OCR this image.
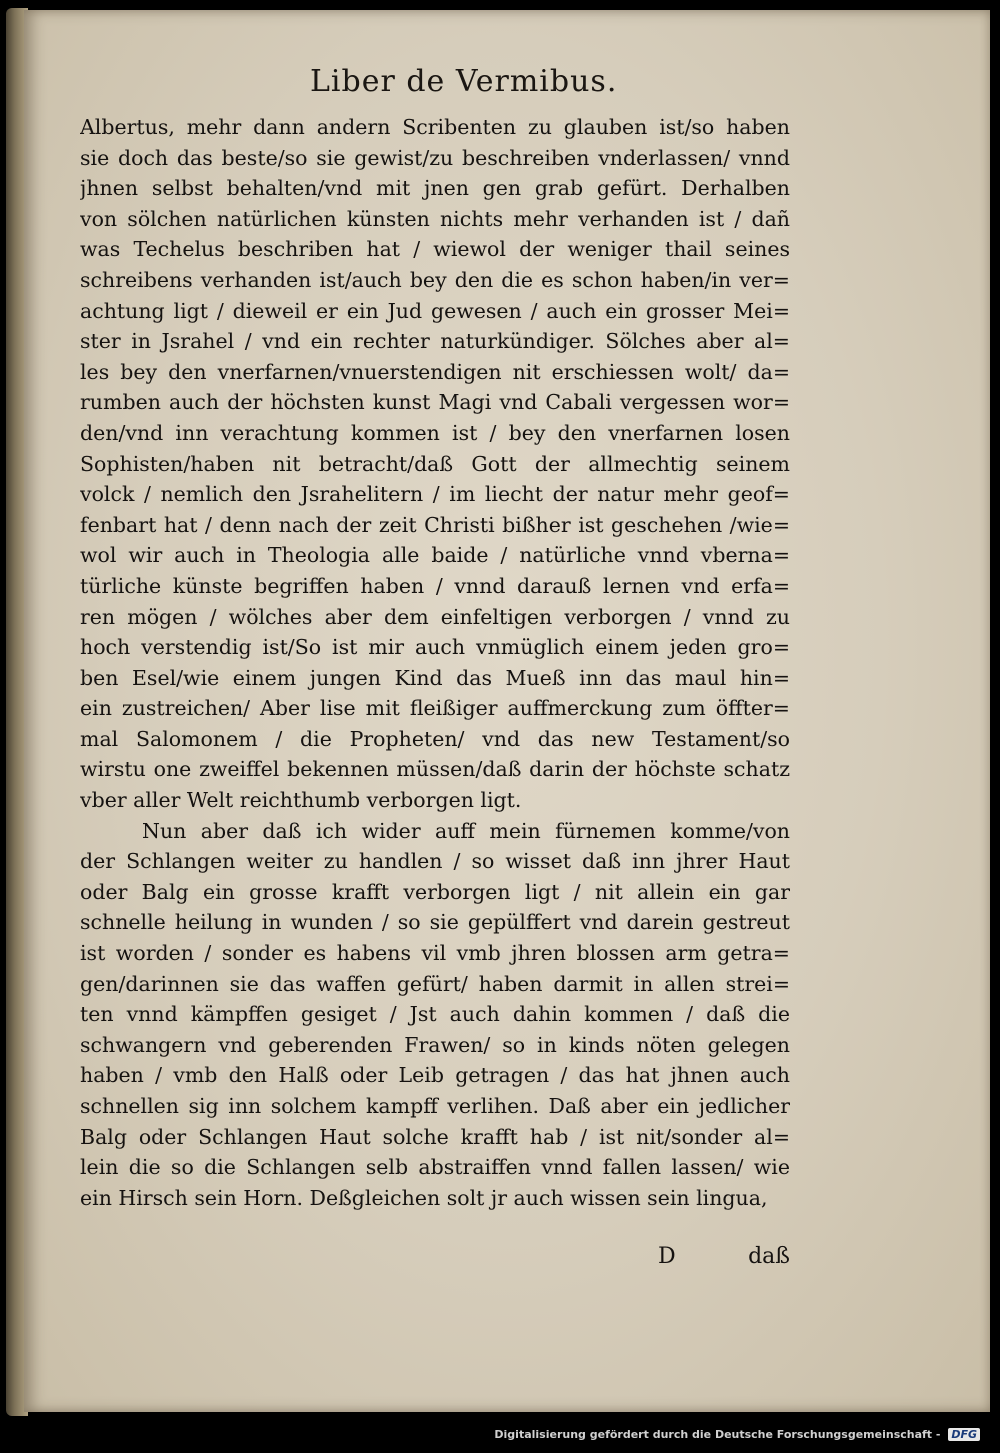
Liber de Vermibus.
Albertus, mehr dann andern Scribenten zu glauben ist/so haben
sie doch das beste/so sie gewist/zu beschreiben vnderlassen/ vnnd
jhnen selbst behalten/vnd mit jnen gen grab gefürt. Derhalben
von sölchen natürlichen künsten nichts mehr verhanden ist / dañ
was Techelus beschriben hat / wiewol der weniger thail seines
schreibens verhanden ist/auch bey den die es schon haben/in ver=
achtung ligt / dieweil er ein Jud gewesen / auch ein grosser Mei=
ster in Jsrahel / vnd ein rechter naturkündiger. Sölches aber al=
les bey den vnerfarnen/vnuerstendigen nit erschiessen wolt/ da=
rumben auch der höchsten kunst Magi vnd Cabali vergessen wor=
den/vnd inn verachtung kommen ist / bey den vnerfarnen losen
Sophisten/haben nit betracht/daß Gott der allmechtig seinem
volck / nemlich den Jsrahelitern / im liecht der natur mehr geof=
fenbart hat / denn nach der zeit Christi bißher ist geschehen /wie=
wol wir auch in Theologia alle baide / natürliche vnnd vberna=
türliche künste begriffen haben / vnnd darauß lernen vnd erfa=
ren mögen / wölches aber dem einfeltigen verborgen / vnnd zu
hoch verstendig ist/So ist mir auch vnmüglich einem jeden gro=
ben Esel/wie einem jungen Kind das Mueß inn das maul hin=
ein zustreichen/ Aber lise mit fleißiger auffmerckung zum öffter=
mal Salomonem / die Propheten/ vnd das new Testament/so
wirstu one zweiffel bekennen müssen/daß darin der höchste schatz
vber aller Welt reichthumb verborgen ligt.
Nun aber daß ich wider auff mein fürnemen komme/von
der Schlangen weiter zu handlen / so wisset daß inn jhrer Haut
oder Balg ein grosse krafft verborgen ligt / nit allein ein gar
schnelle heilung in wunden / so sie gepülffert vnd darein gestreut
ist worden / sonder es habens vil vmb jhren blossen arm getra=
gen/darinnen sie das waffen gefürt/ haben darmit in allen strei=
ten vnnd kämpffen gesiget / Jst auch dahin kommen / daß die
schwangern vnd geberenden Frawen/ so in kinds nöten gelegen
haben / vmb den Halß oder Leib getragen / das hat jhnen auch
schnellen sig inn solchem kampff verlihen. Daß aber ein jedlicher
Balg oder Schlangen Haut solche krafft hab / ist nit/sonder al=
lein die so die Schlangen selb abstraiffen vnnd fallen lassen/ wie
ein Hirsch sein Horn. Deßgleichen solt jr auch wissen sein lingua,
D	daß
Digitalisierung gefördert durch die Deutsche Forschungsgemeinschaft - DFG
